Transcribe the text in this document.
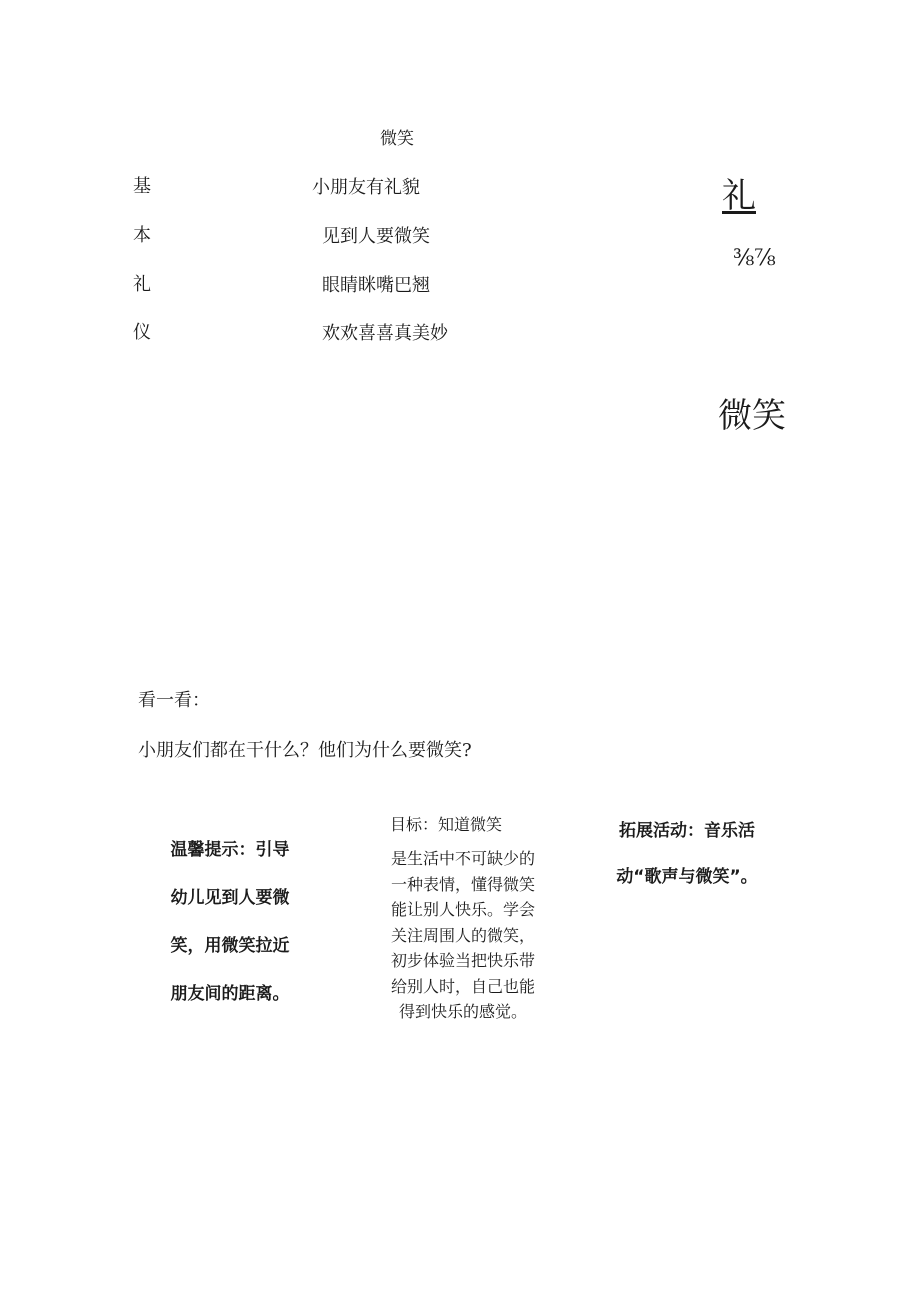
微笑
基
本
礼
仪
小朋友有礼貌
见到人要微笑
眼睛眯嘴巴翘
欢欢喜喜真美妙
礼
⅜⅞
微笑
看一看：
小朋友们都在干什么？他们为什么要微笑?
温馨提示：引导幼儿见到人要微笑，用微笑拉近朋友间的距离。
目标：知道微笑
是生活中不可缺少的一种表情，懂得微笑能让别人快乐。学会关注周围人的微笑，初步体验当把快乐带给别人时，自己也能得到快乐的感觉。
拓展活动：音乐活动“歌声与微笑”。
